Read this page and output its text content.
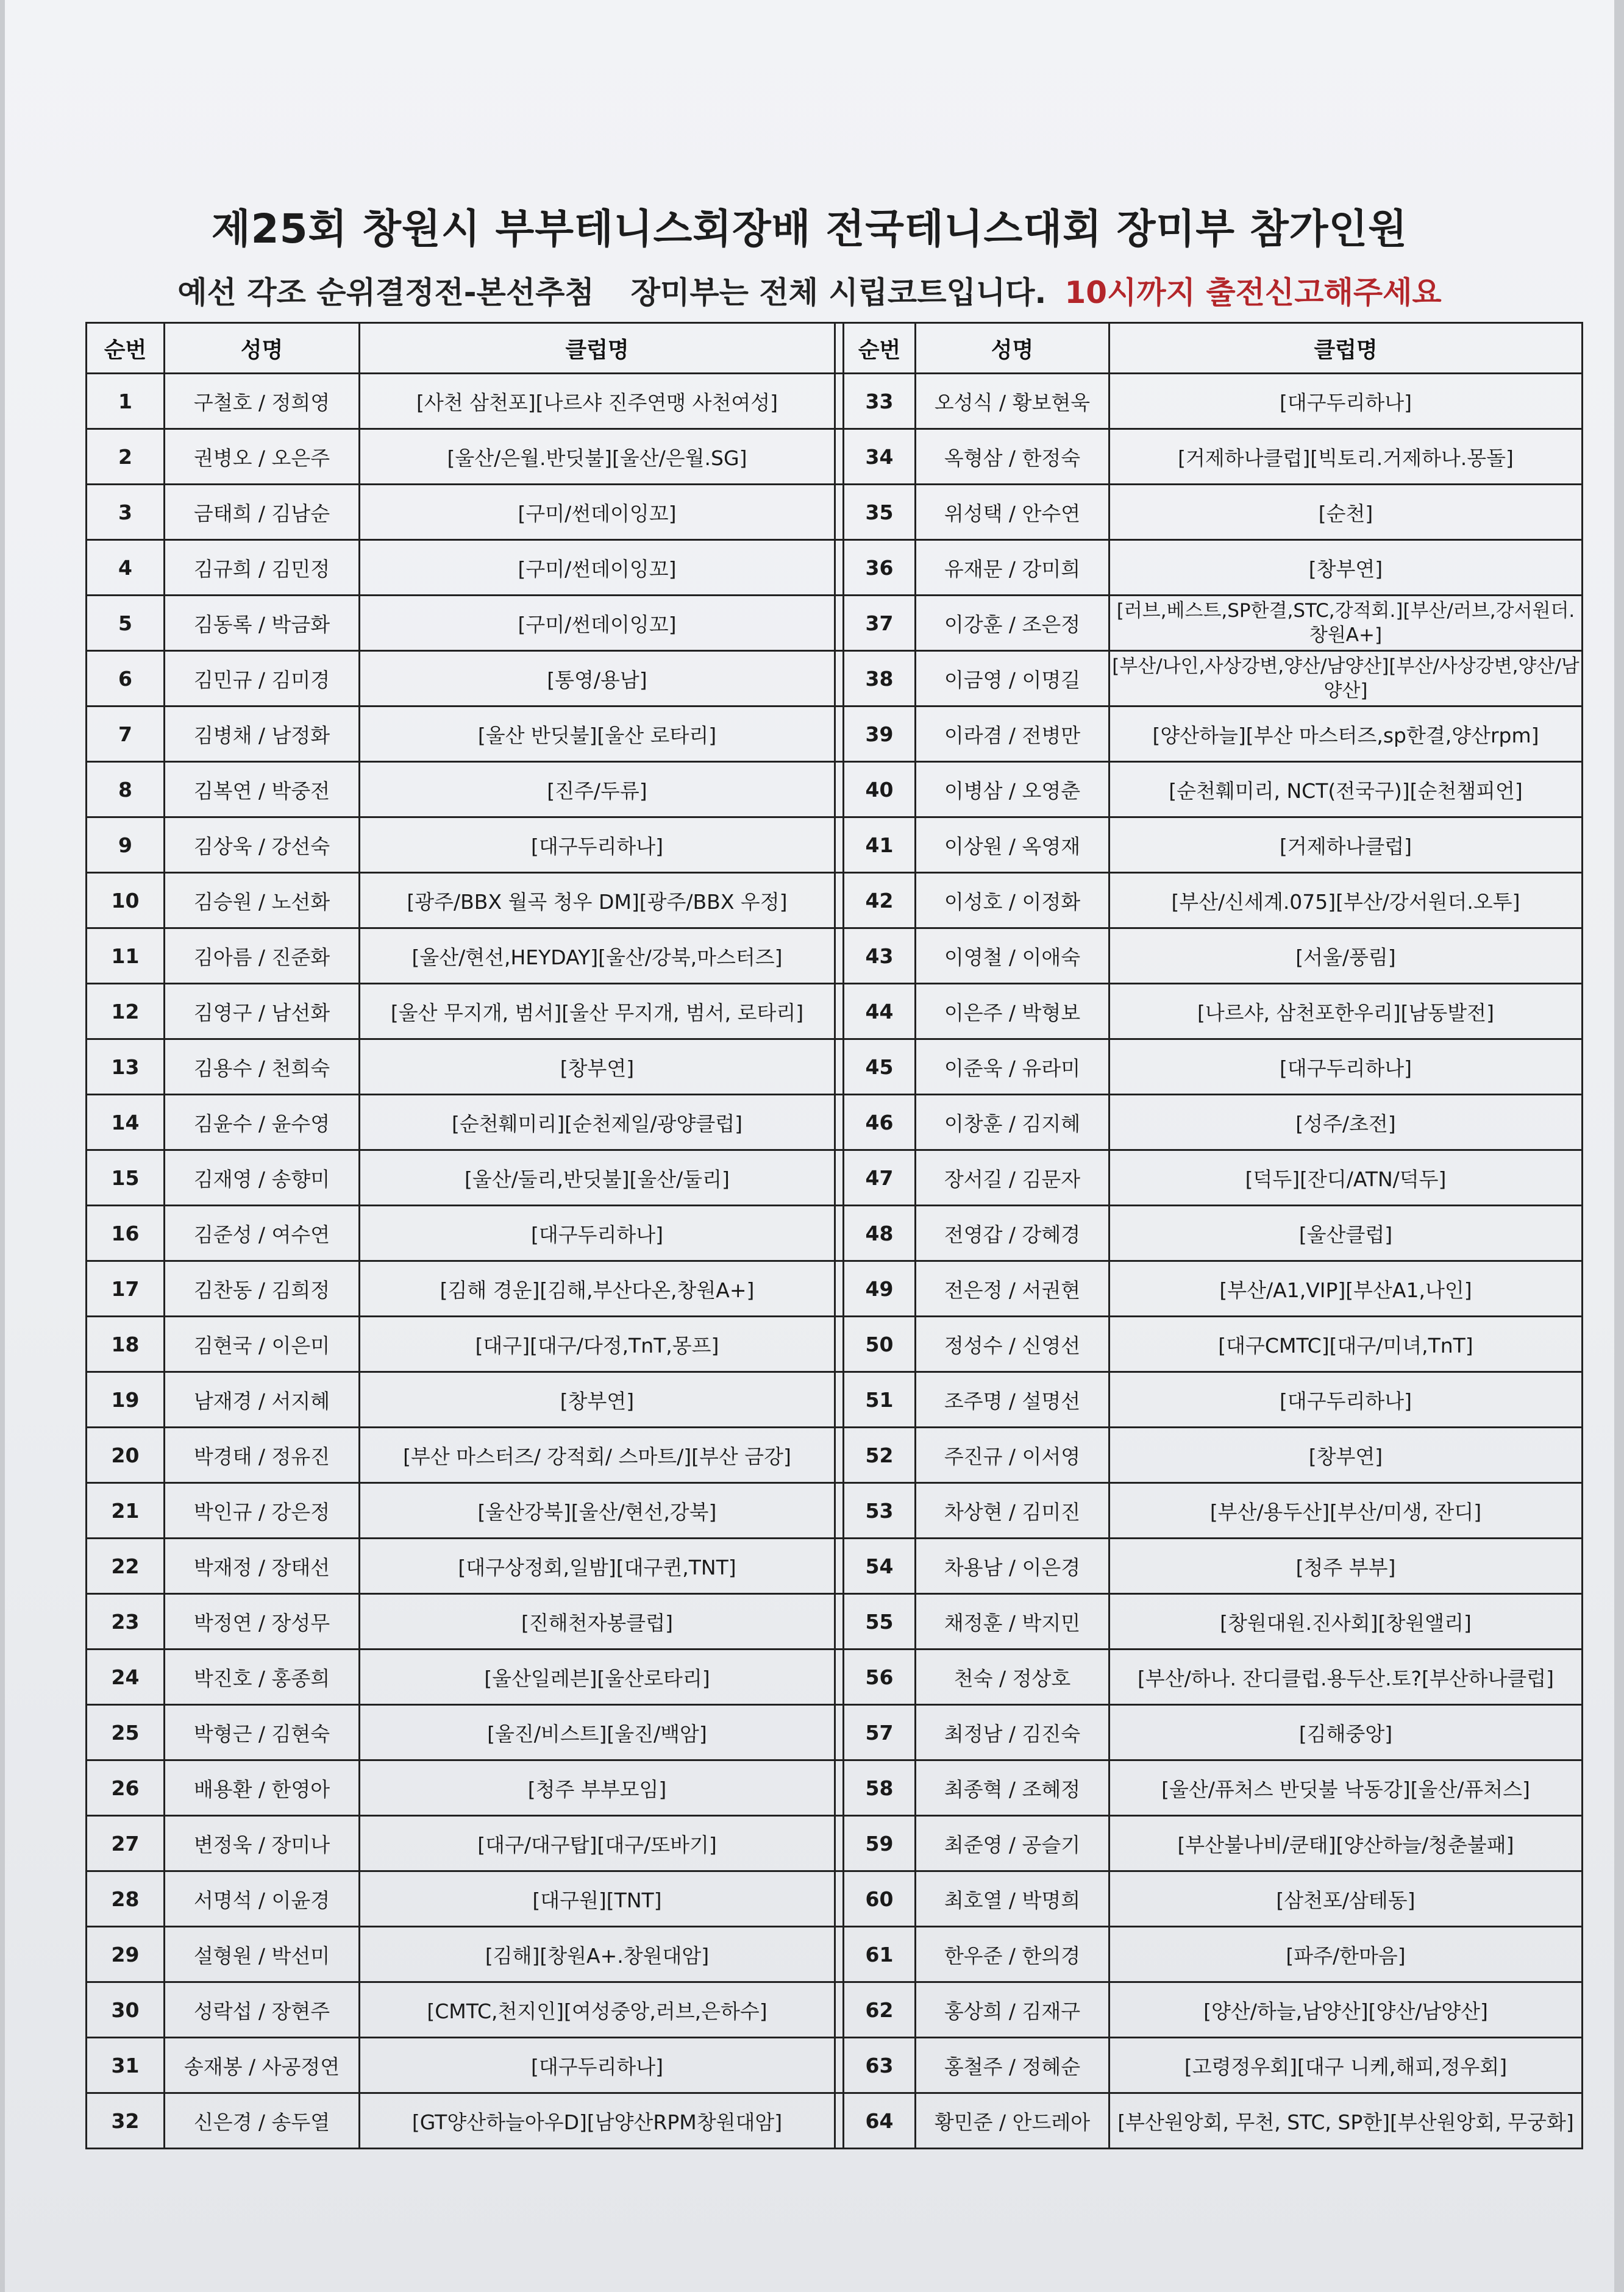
제25회 창원시 부부테니스회장배 전국테니스대회 장미부 참가인원
예선 각조 순위결정전-본선추첨 장미부는 전체 시립코트입니다. 10시까지 출전신고해주세요
순번	성명	클럽명		순번	성명	클럽명
1	구철호 / 정희영	[사천 삼천포][나르샤 진주연맹 사천여성]		33	오성식 / 황보현욱	[대구두리하나]
2	권병오 / 오은주	[울산/은월.반딧불][울산/은월.SG]		34	옥형삼 / 한정숙	[거제하나클럽][빅토리.거제하나.몽돌]
3	금태희 / 김남순	[구미/썬데이잉꼬]		35	위성택 / 안수연	[순천]
4	김규희 / 김민정	[구미/썬데이잉꼬]		36	유재문 / 강미희	[창부연]
5	김동록 / 박금화	[구미/썬데이잉꼬]		37	이강훈 / 조은정	[러브,베스트,SP한결,STC,강적회.][부산/러브,강서원더.창원A+]
6	김민규 / 김미경	[통영/용남]		38	이금영 / 이명길	[부산/나인,사상강변,양산/남양산][부산/사상강변,양산/남양산]
7	김병채 / 남정화	[울산 반딧불][울산 로타리]		39	이라겸 / 전병만	[양산하늘][부산 마스터즈,sp한결,양산rpm]
8	김복연 / 박중전	[진주/두류]		40	이병삼 / 오영춘	[순천훼미리, NCT(전국구)][순천챔피언]
9	김상욱 / 강선숙	[대구두리하나]		41	이상원 / 옥영재	[거제하나클럽]
10	김승원 / 노선화	[광주/BBX 월곡 청우 DM][광주/BBX 우정]		42	이성호 / 이정화	[부산/신세계.075][부산/강서원더.오투]
11	김아름 / 진준화	[울산/현선,HEYDAY][울산/강북,마스터즈]		43	이영철 / 이애숙	[서울/풍림]
12	김영구 / 남선화	[울산 무지개, 범서][울산 무지개, 범서, 로타리]		44	이은주 / 박형보	[나르샤, 삼천포한우리][남동발전]
13	김용수 / 천희숙	[창부연]		45	이준욱 / 유라미	[대구두리하나]
14	김윤수 / 윤수영	[순천훼미리][순천제일/광양클럽]		46	이창훈 / 김지혜	[성주/초전]
15	김재영 / 송향미	[울산/둘리,반딧불][울산/둘리]		47	장서길 / 김문자	[덕두][잔디/ATN/덕두]
16	김준성 / 여수연	[대구두리하나]		48	전영갑 / 강혜경	[울산클럽]
17	김찬동 / 김희정	[김해 경운][김해,부산다온,창원A+]		49	전은정 / 서권현	[부산/A1,VIP][부산A1,나인]
18	김현국 / 이은미	[대구][대구/다정,TnT,몽프]		50	정성수 / 신영선	[대구CMTC][대구/미녀,TnT]
19	남재경 / 서지혜	[창부연]		51	조주명 / 설명선	[대구두리하나]
20	박경태 / 정유진	[부산 마스터즈/ 강적회/ 스마트/][부산 금강]		52	주진규 / 이서영	[창부연]
21	박인규 / 강은정	[울산강북][울산/현선,강북]		53	차상현 / 김미진	[부산/용두산][부산/미생, 잔디]
22	박재정 / 장태선	[대구상정회,일밤][대구퀸,TNT]		54	차용남 / 이은경	[청주 부부]
23	박정연 / 장성무	[진해천자봉클럽]		55	채정훈 / 박지민	[창원대원.진사회][창원앨리]
24	박진호 / 홍종희	[울산일레븐][울산로타리]		56	천숙 / 정상호	[부산/하나. 잔디클럽.용두산.토?[부산하나클럽]
25	박형근 / 김현숙	[울진/비스트][울진/백암]		57	최정남 / 김진숙	[김해중앙]
26	배용환 / 한영아	[청주 부부모임]		58	최종혁 / 조혜정	[울산/퓨처스 반딧불 낙동강][울산/퓨처스]
27	변정욱 / 장미나	[대구/대구탑][대구/또바기]		59	최준영 / 공슬기	[부산불나비/쿤태][양산하늘/청춘불패]
28	서명석 / 이윤경	[대구원][TNT]		60	최호열 / 박명희	[삼천포/삼테동]
29	설형원 / 박선미	[김해][창원A+.창원대암]		61	한우준 / 한의경	[파주/한마음]
30	성락섭 / 장현주	[CMTC,천지인][여성중앙,러브,은하수]		62	홍상희 / 김재구	[양산/하늘,남양산][양산/남양산]
31	송재봉 / 사공정연	[대구두리하나]		63	홍철주 / 정혜순	[고령정우회][대구 니케,해피,정우회]
32	신은경 / 송두열	[GT양산하늘아우D][남양산RPM창원대암]		64	황민준 / 안드레아	[부산원앙회, 무천, STC, SP한][부산원앙회, 무궁화]
